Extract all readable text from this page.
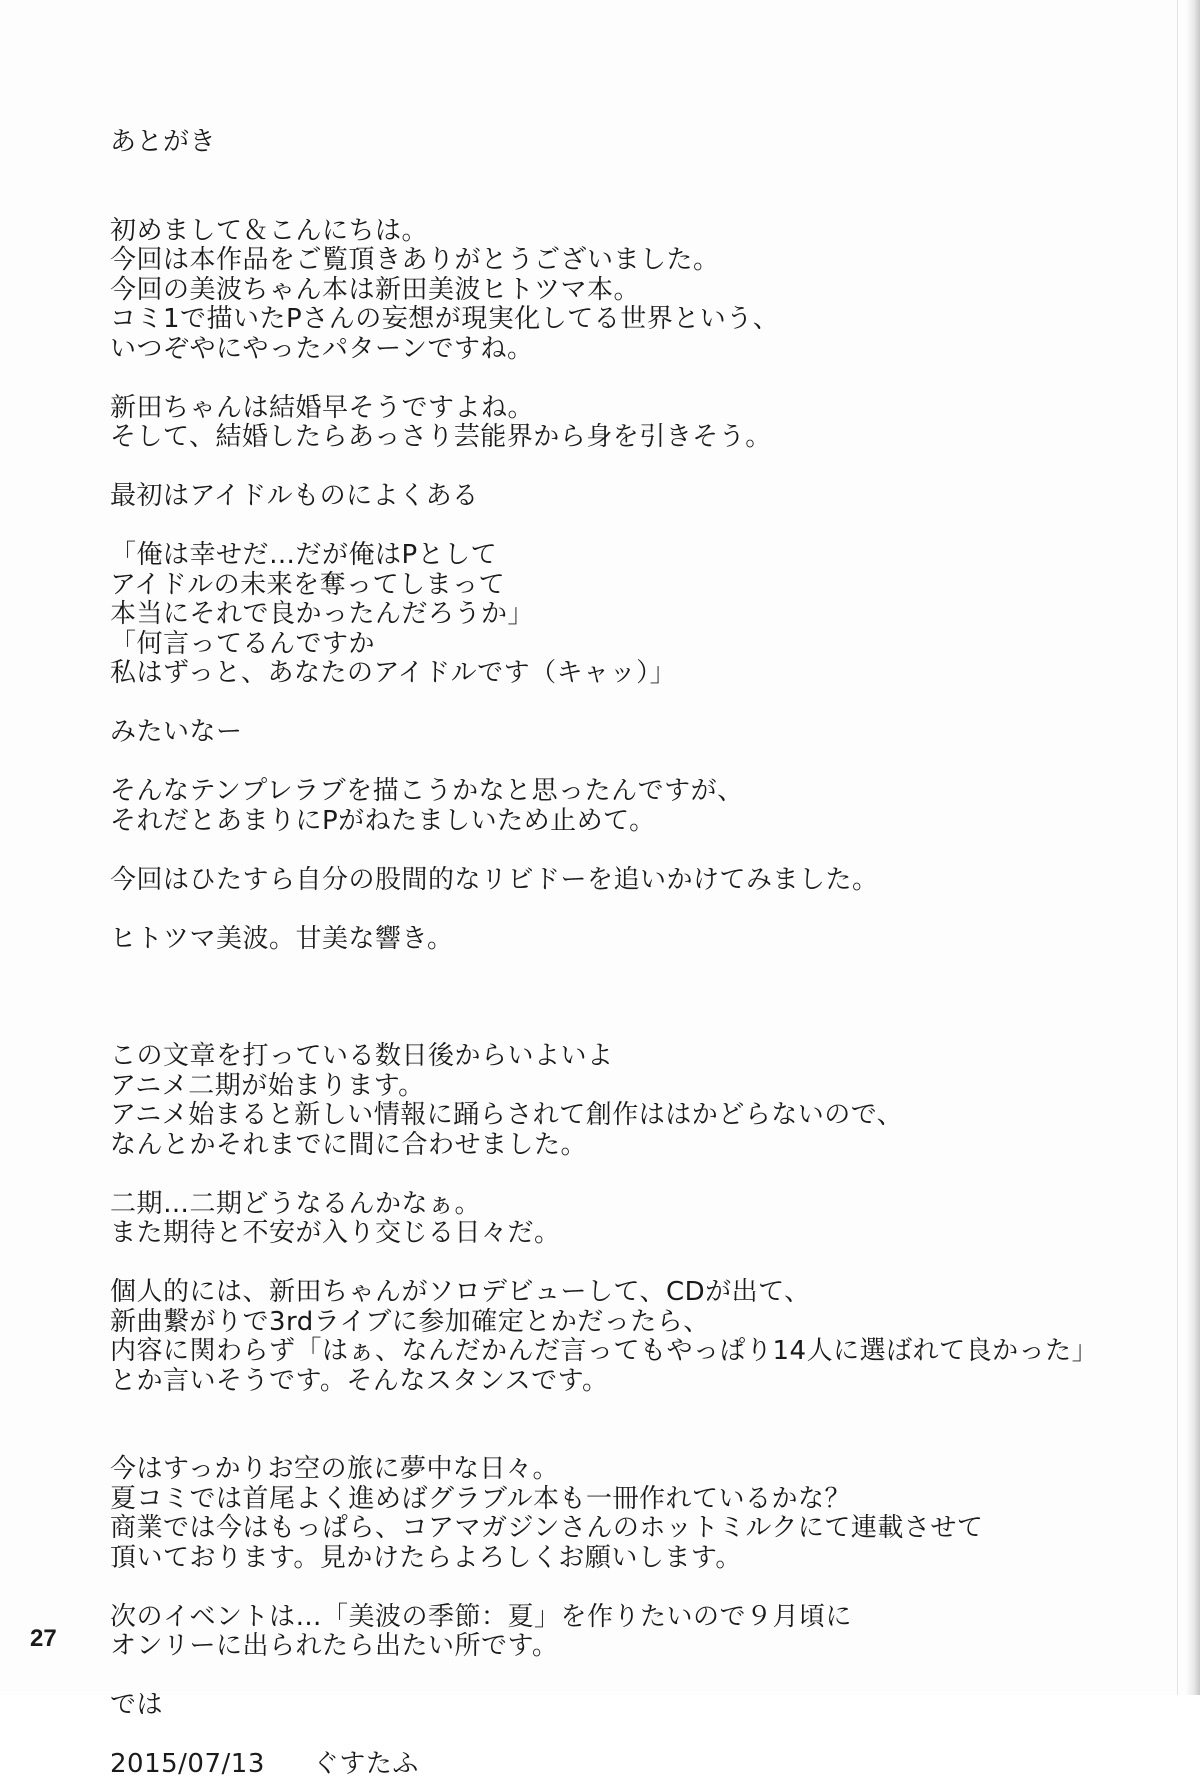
あとがき
初めまして＆こんにちは。
今回は本作品をご覧頂きありがとうございました。
今回の美波ちゃん本は新田美波ヒトツマ本。
コミ1で描いたPさんの妄想が現実化してる世界という、
いつぞやにやったパターンですね。
新田ちゃんは結婚早そうですよね。
そして、結婚したらあっさり芸能界から身を引きそう。
最初はアイドルものによくある
「俺は幸せだ…だが俺はPとして
アイドルの未来を奪ってしまって
本当にそれで良かったんだろうか」
「何言ってるんですか
私はずっと、あなたのアイドルです（キャッ）」
みたいなー
そんなテンプレラブを描こうかなと思ったんですが、
それだとあまりにPがねたましいため止めて。
今回はひたすら自分の股間的なリビドーを追いかけてみました。
ヒトツマ美波。甘美な響き。
この文章を打っている数日後からいよいよ
アニメ二期が始まります。
アニメ始まると新しい情報に踊らされて創作ははかどらないので、
なんとかそれまでに間に合わせました。
二期…二期どうなるんかなぁ。
また期待と不安が入り交じる日々だ。
個人的には、新田ちゃんがソロデビューして、CDが出て、
新曲繋がりで3rdライブに参加確定とかだったら、
内容に関わらず「はぁ、なんだかんだ言ってもやっぱり14人に選ばれて良かった」
とか言いそうです。そんなスタンスです。
今はすっかりお空の旅に夢中な日々。
夏コミでは首尾よく進めばグラブル本も一冊作れているかな？
商業では今はもっぱら、コアマガジンさんのホットミルクにて連載させて
頂いております。見かけたらよろしくお願いします。
次のイベントは…「美波の季節：夏」を作りたいので９月頃に
オンリーに出られたら出たい所です。
では
2015/07/13 ぐすたふ
27
